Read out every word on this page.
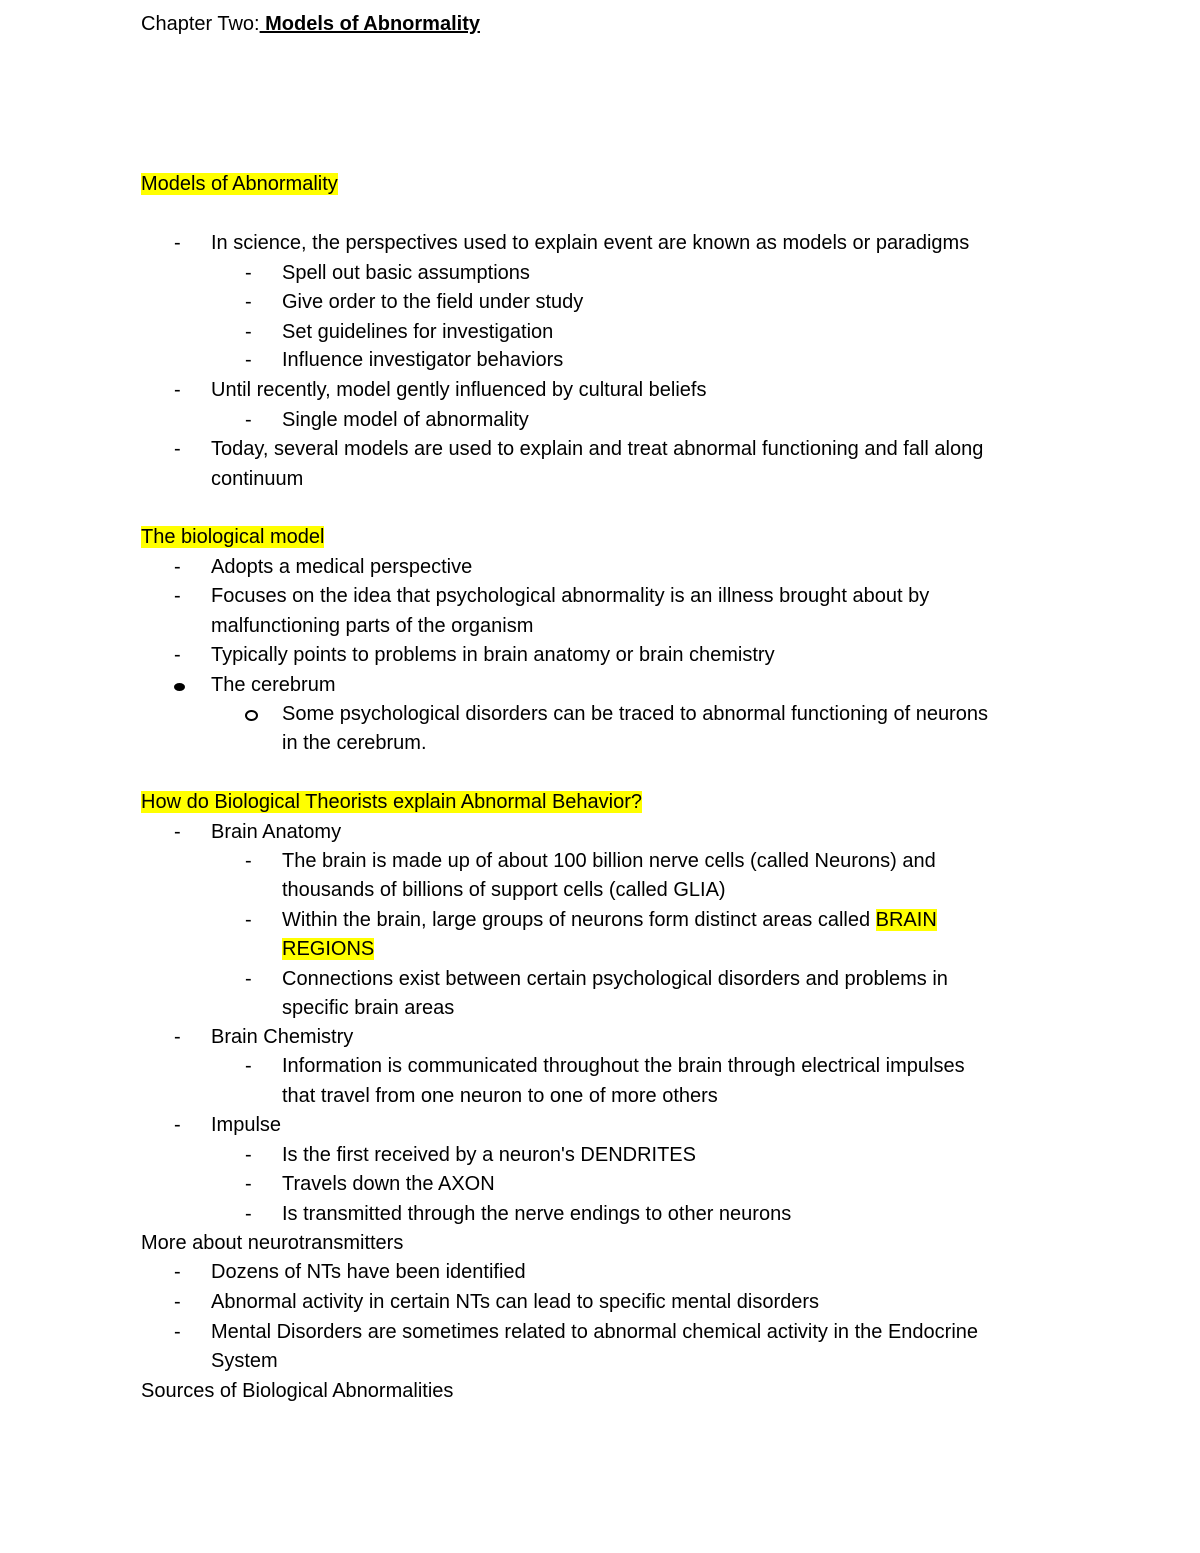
Chapter Two: Models of Abnormality
Models of Abnormality
-	In science, the perspectives used to explain event are known as models or paradigms
-	Spell out basic assumptions
-	Give order to the field under study
-	Set guidelines for investigation
-	Influence investigator behaviors
-	Until recently, model gently influenced by cultural beliefs
-	Single model of abnormality
-	Today, several models are used to explain and treat abnormal functioning and fall along
continuum
The biological model
-	Adopts a medical perspective
-	Focuses on the idea that psychological abnormality is an illness brought about by
malfunctioning parts of the organism
-	Typically points to problems in brain anatomy or brain chemistry
The cerebrum
Some psychological disorders can be traced to abnormal functioning of neurons
in the cerebrum.
How do Biological Theorists explain Abnormal Behavior?
-	Brain Anatomy
-	The brain is made up of about 100 billion nerve cells (called Neurons) and
thousands of billions of support cells (called GLIA)
-	Within the brain, large groups of neurons form distinct areas called BRAIN
REGIONS
-	Connections exist between certain psychological disorders and problems in
specific brain areas
-	Brain Chemistry
-	Information is communicated throughout the brain through electrical impulses
that travel from one neuron to one of more others
-	Impulse
-	Is the first received by a neuron's DENDRITES
-	Travels down the AXON
-	Is transmitted through the nerve endings to other neurons
More about neurotransmitters
-	Dozens of NTs have been identified
-	Abnormal activity in certain NTs can lead to specific mental disorders
-	Mental Disorders are sometimes related to abnormal chemical activity in the Endocrine
System
Sources of Biological Abnormalities
